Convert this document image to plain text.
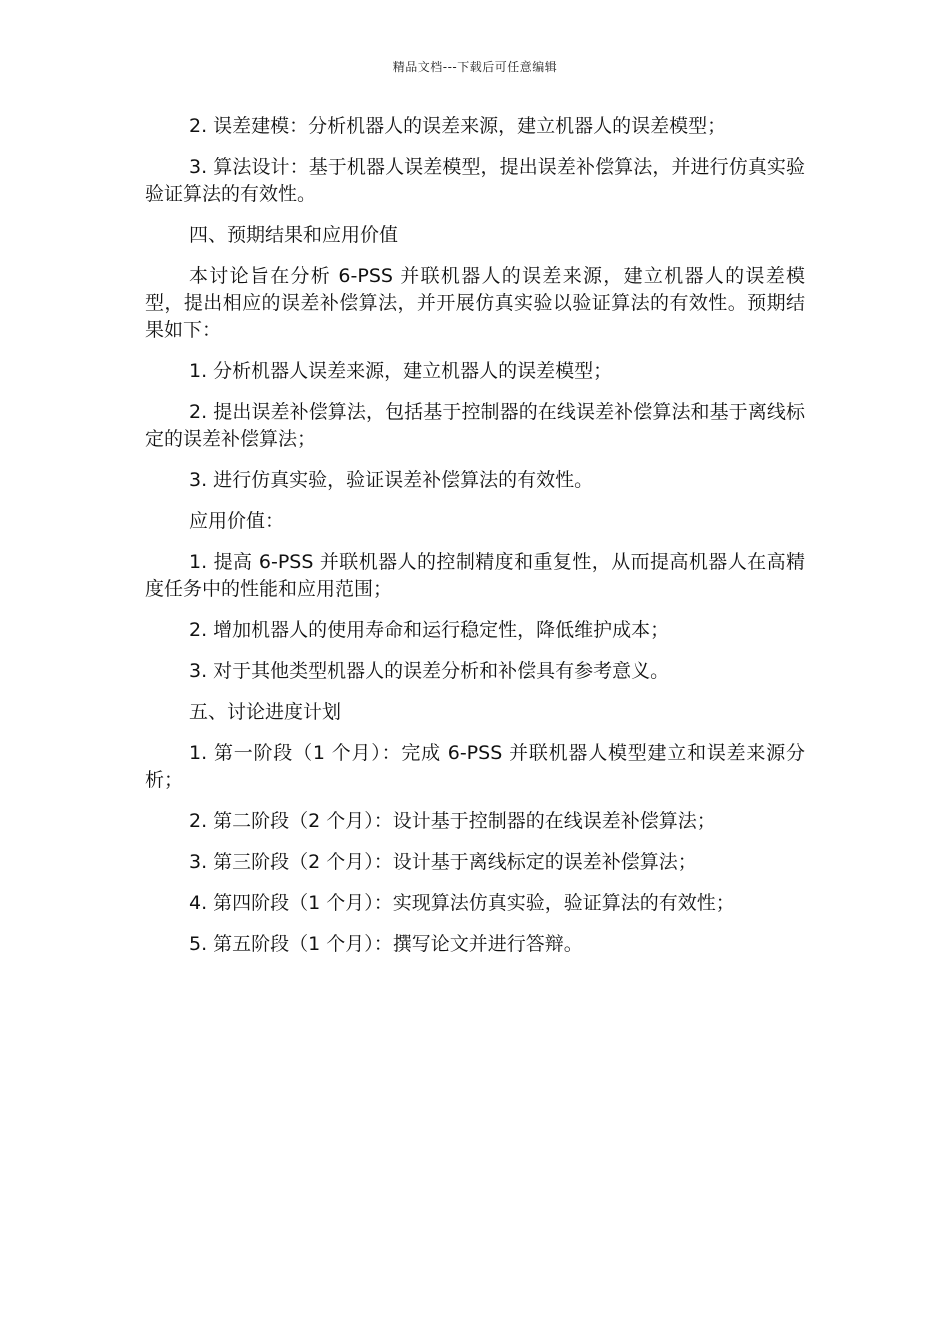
精品文档---下载后可任意编辑

2. 误差建模：分析机器人的误差来源，建立机器人的误差模型；

3. 算法设计：基于机器人误差模型，提出误差补偿算法，并进行仿真实验验证算法的有效性。

四、预期结果和应用价值

本讨论旨在分析 6-PSS 并联机器人的误差来源，建立机器人的误差模型，提出相应的误差补偿算法，并开展仿真实验以验证算法的有效性。预期结果如下：

1. 分析机器人误差来源，建立机器人的误差模型；

2. 提出误差补偿算法，包括基于控制器的在线误差补偿算法和基于离线标定的误差补偿算法；

3. 进行仿真实验，验证误差补偿算法的有效性。

应用价值：

1. 提高 6-PSS 并联机器人的控制精度和重复性，从而提高机器人在高精度任务中的性能和应用范围；

2. 增加机器人的使用寿命和运行稳定性，降低维护成本；

3. 对于其他类型机器人的误差分析和补偿具有参考意义。

五、讨论进度计划

1. 第一阶段（1 个月）：完成 6-PSS 并联机器人模型建立和误差来源分析；

2. 第二阶段（2 个月）：设计基于控制器的在线误差补偿算法；

3. 第三阶段（2 个月）：设计基于离线标定的误差补偿算法；

4. 第四阶段（1 个月）：实现算法仿真实验，验证算法的有效性；

5. 第五阶段（1 个月）：撰写论文并进行答辩。
